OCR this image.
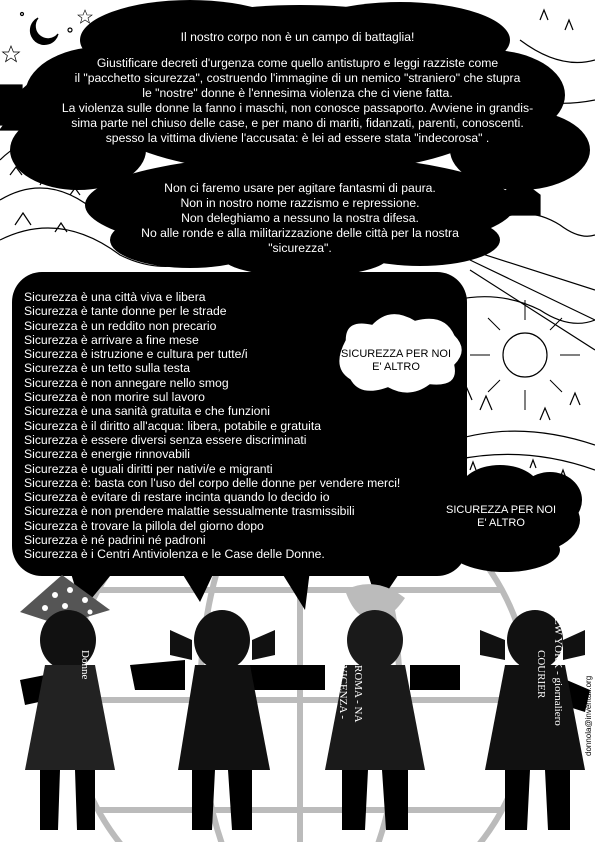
Donne
ROMA - NA
VICENZA -	NEW YORK - giornaliero
COURIER
Il nostro corpo non è un campo di battaglia!
Giustificare decreti d'urgenza come quello antistupro e leggi razziste come
il "pacchetto sicurezza", costruendo l'immagine di un nemico "straniero" che stupra
le "nostre" donne è l'ennesima violenza che ci viene fatta.
La violenza sulle donne la fanno i maschi, non conosce passaporto. Avviene in grandis-
sima parte nel chiuso delle case, e per mano di mariti, fidanzati, parenti, conoscenti.
spesso la vittima diviene l'accusata: è lei ad essere stata "indecorosa" .
Non ci faremo usare per agitare fantasmi di paura.
Non in nostro nome razzismo e repressione.
Non deleghiamo a nessuno la nostra difesa.
No alle ronde e alla militarizzazione delle città per la nostra
"sicurezza".
Sicurezza è una città viva e libera
Sicurezza è tante donne per le strade
Sicurezza è un reddito non precario
Sicurezza è arrivare a fine mese
Sicurezza è istruzione e cultura per tutte/i
Sicurezza è un tetto sulla testa
Sicurezza è non annegare nello smog
Sicurezza è non morire sul lavoro
Sicurezza è una sanità gratuita e che funzioni
Sicurezza è il diritto all'acqua: libera, potabile e gratuita
Sicurezza è essere diversi senza essere discriminati
Sicurezza è energie rinnovabili
Sicurezza è uguali diritti per nativi/e e migranti
Sicurezza è: basta con l'uso del corpo delle donne per vendere merci!
Sicurezza è evitare di restare incinta quando lo decido io
Sicurezza è non prendere malattie sessualmente trasmissibili
Sicurezza è trovare la pillola del giorno dopo
Sicurezza è né padrini né padroni
Sicurezza è i Centri Antiviolenza e le Case delle Donne.
SICUREZZA PER NOI
E' ALTRO
SICUREZZA PER NOI
E' ALTRO
donnola@inventati.org
